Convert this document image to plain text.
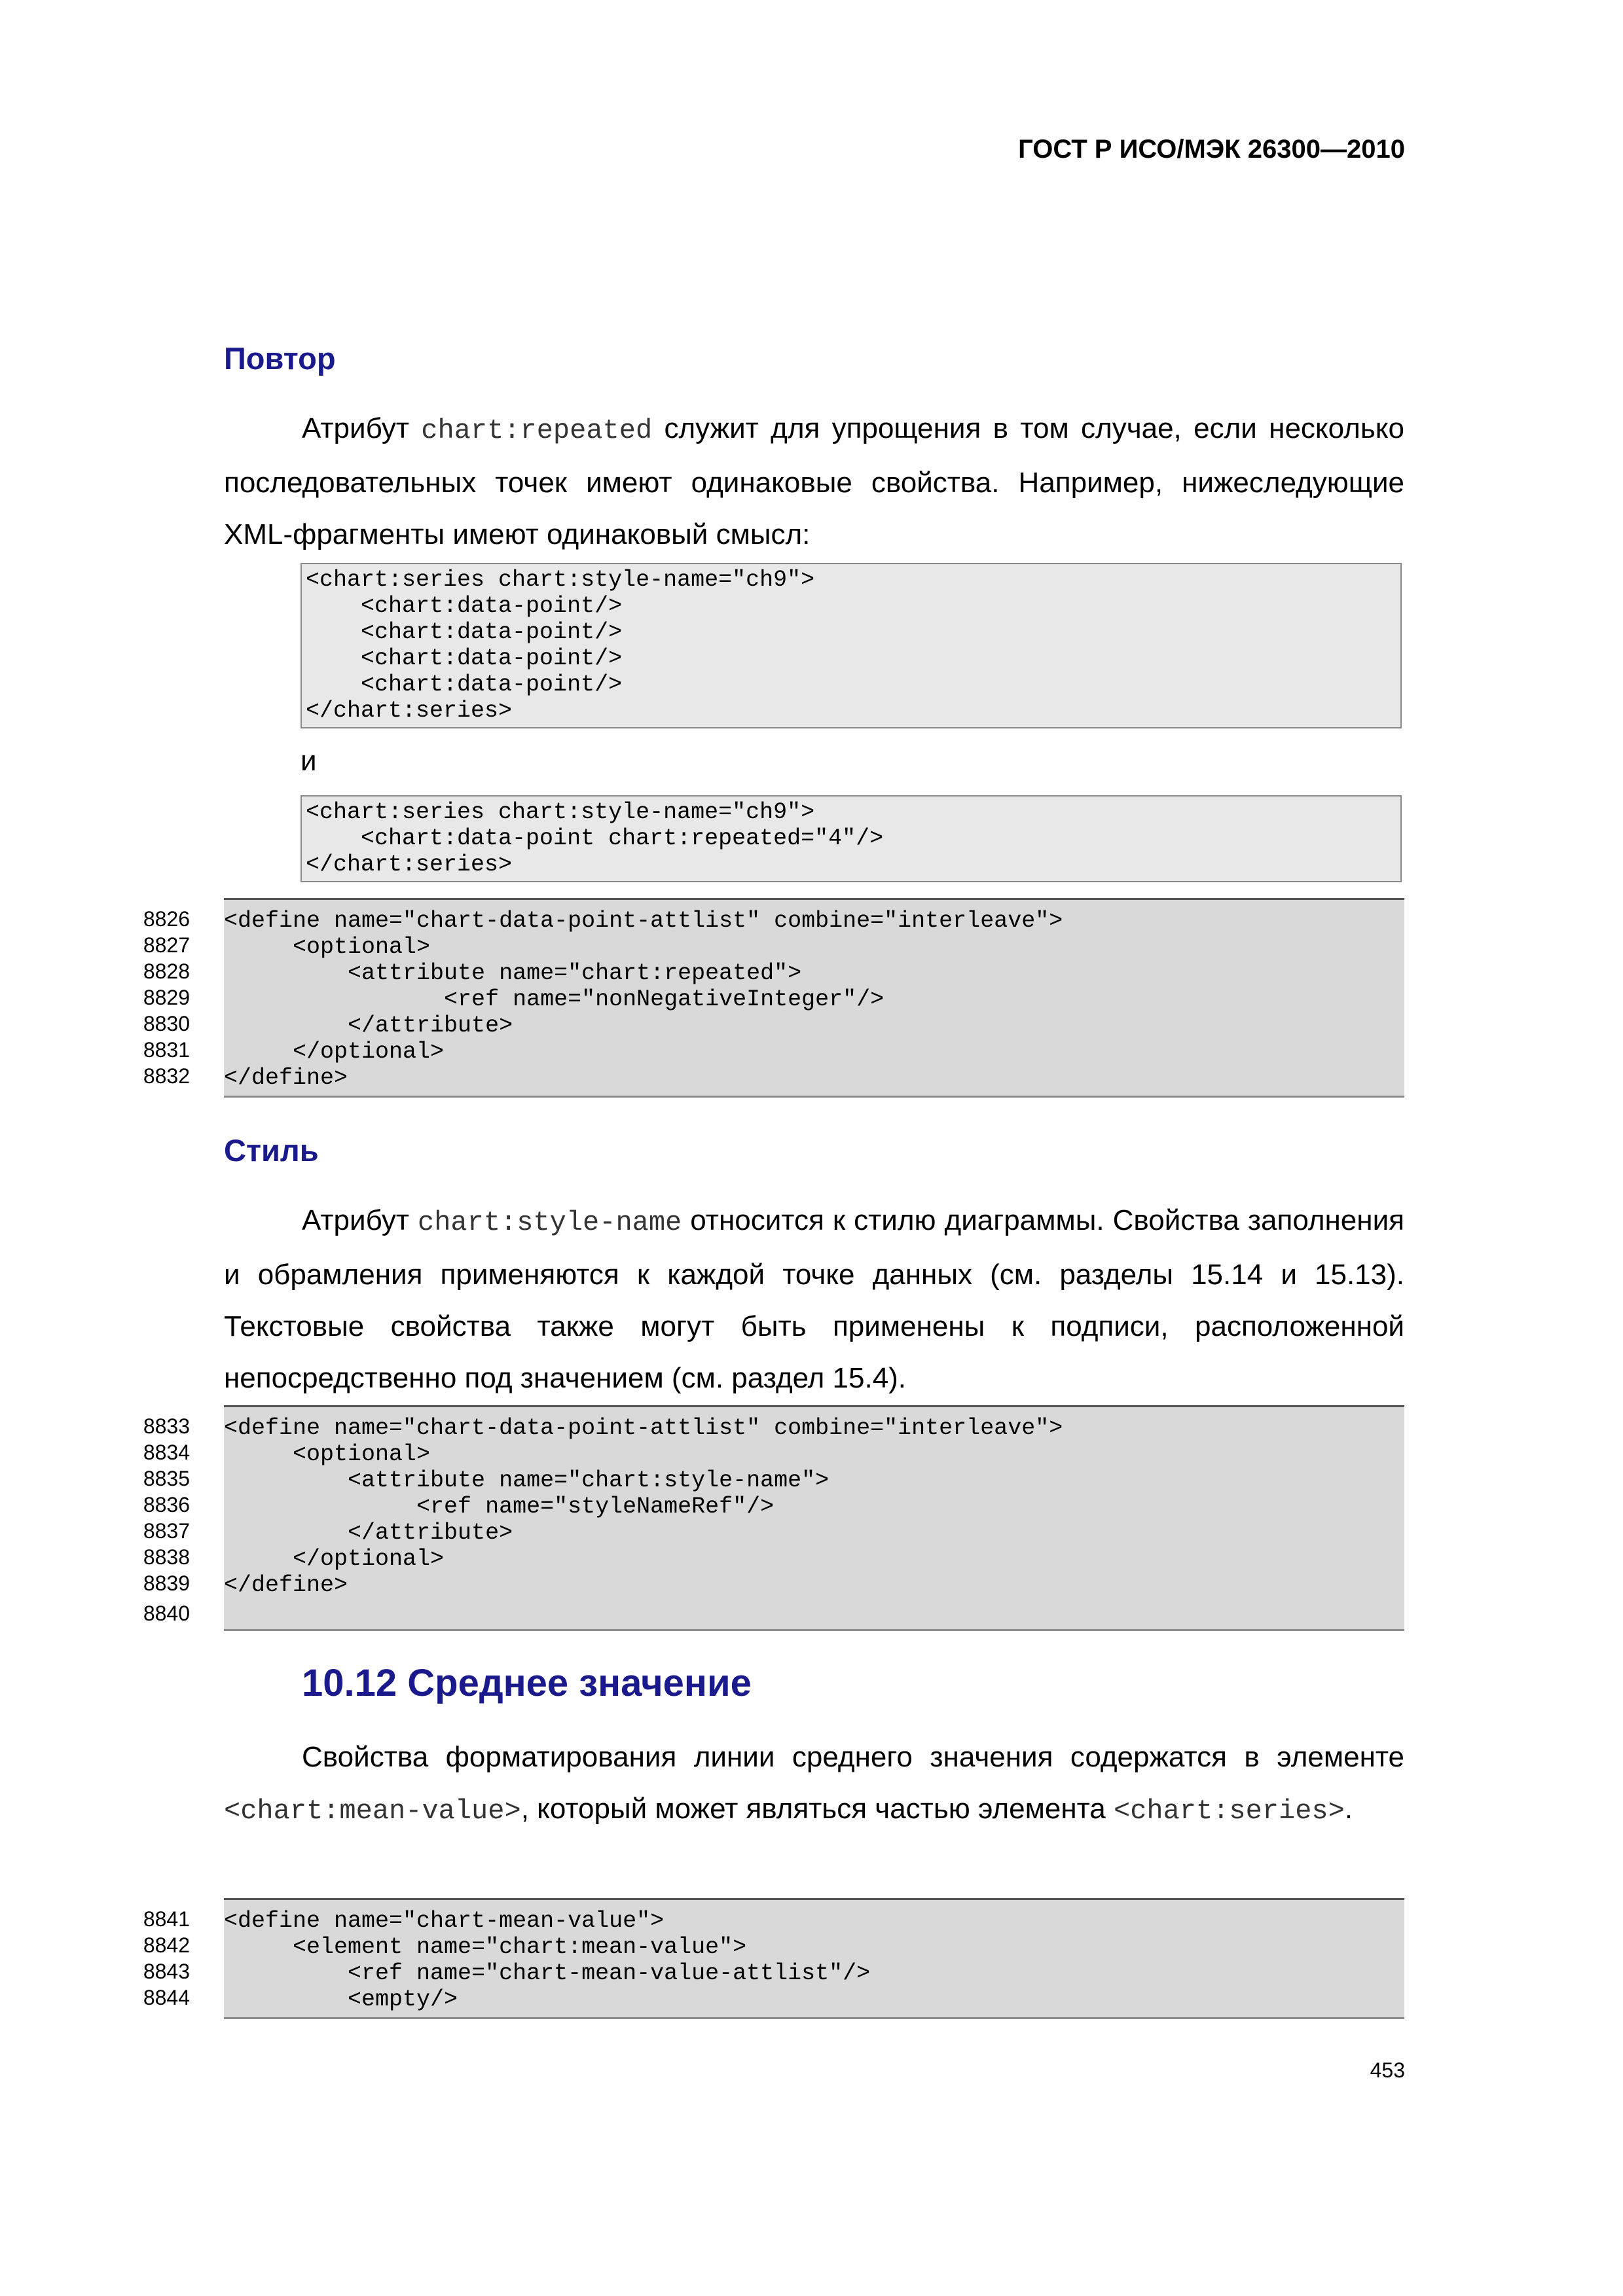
ГОСТ Р ИСО/МЭК 26300—2010
Повтор

Атрибут chart:repeated служит для упрощения в том случае, если несколько последовательных точек имеют одинаковые свойства. Например, нижеследующие XML-фрагменты имеют одинаковый смысл:

<chart:series chart:style-name="ch9">
<chart:data-point/>
<chart:data-point/>
<chart:data-point/>
<chart:data-point/>
</chart:series>
и
<chart:series chart:style-name="ch9">
<chart:data-point chart:repeated="4"/>
</chart:series>
8826
8827
8828
8829
8830
8831
8832
<define name="chart-data-point-attlist" combine="interleave">
<optional>
<attribute name="chart:repeated">
<ref name="nonNegativeInteger"/>
</attribute>
</optional>
</define>
Стиль

Атрибут chart:style-name относится к стилю диаграммы. Свойства заполнения и обрамления применяются к каждой точке данных (см. разделы 15.14 и 15.13). Текстовые свойства также могут быть применены к подписи, расположенной непосредственно под значением (см. раздел 15.4).

8833
8834
8835
8836
8837
8838
8839
8840
<define name="chart-data-point-attlist" combine="interleave">
<optional>
<attribute name="chart:style-name">
<ref name="styleNameRef"/>
</attribute>
</optional>
</define>
10.12 Среднее значение

Свойства форматирования линии среднего значения содержатся в элементе <chart:mean-value>, который может являться частью элемента <chart:series>.

8841
8842
8843
8844
<define name="chart-mean-value">
<element name="chart:mean-value">
<ref name="chart-mean-value-attlist"/>
<empty/>
453
